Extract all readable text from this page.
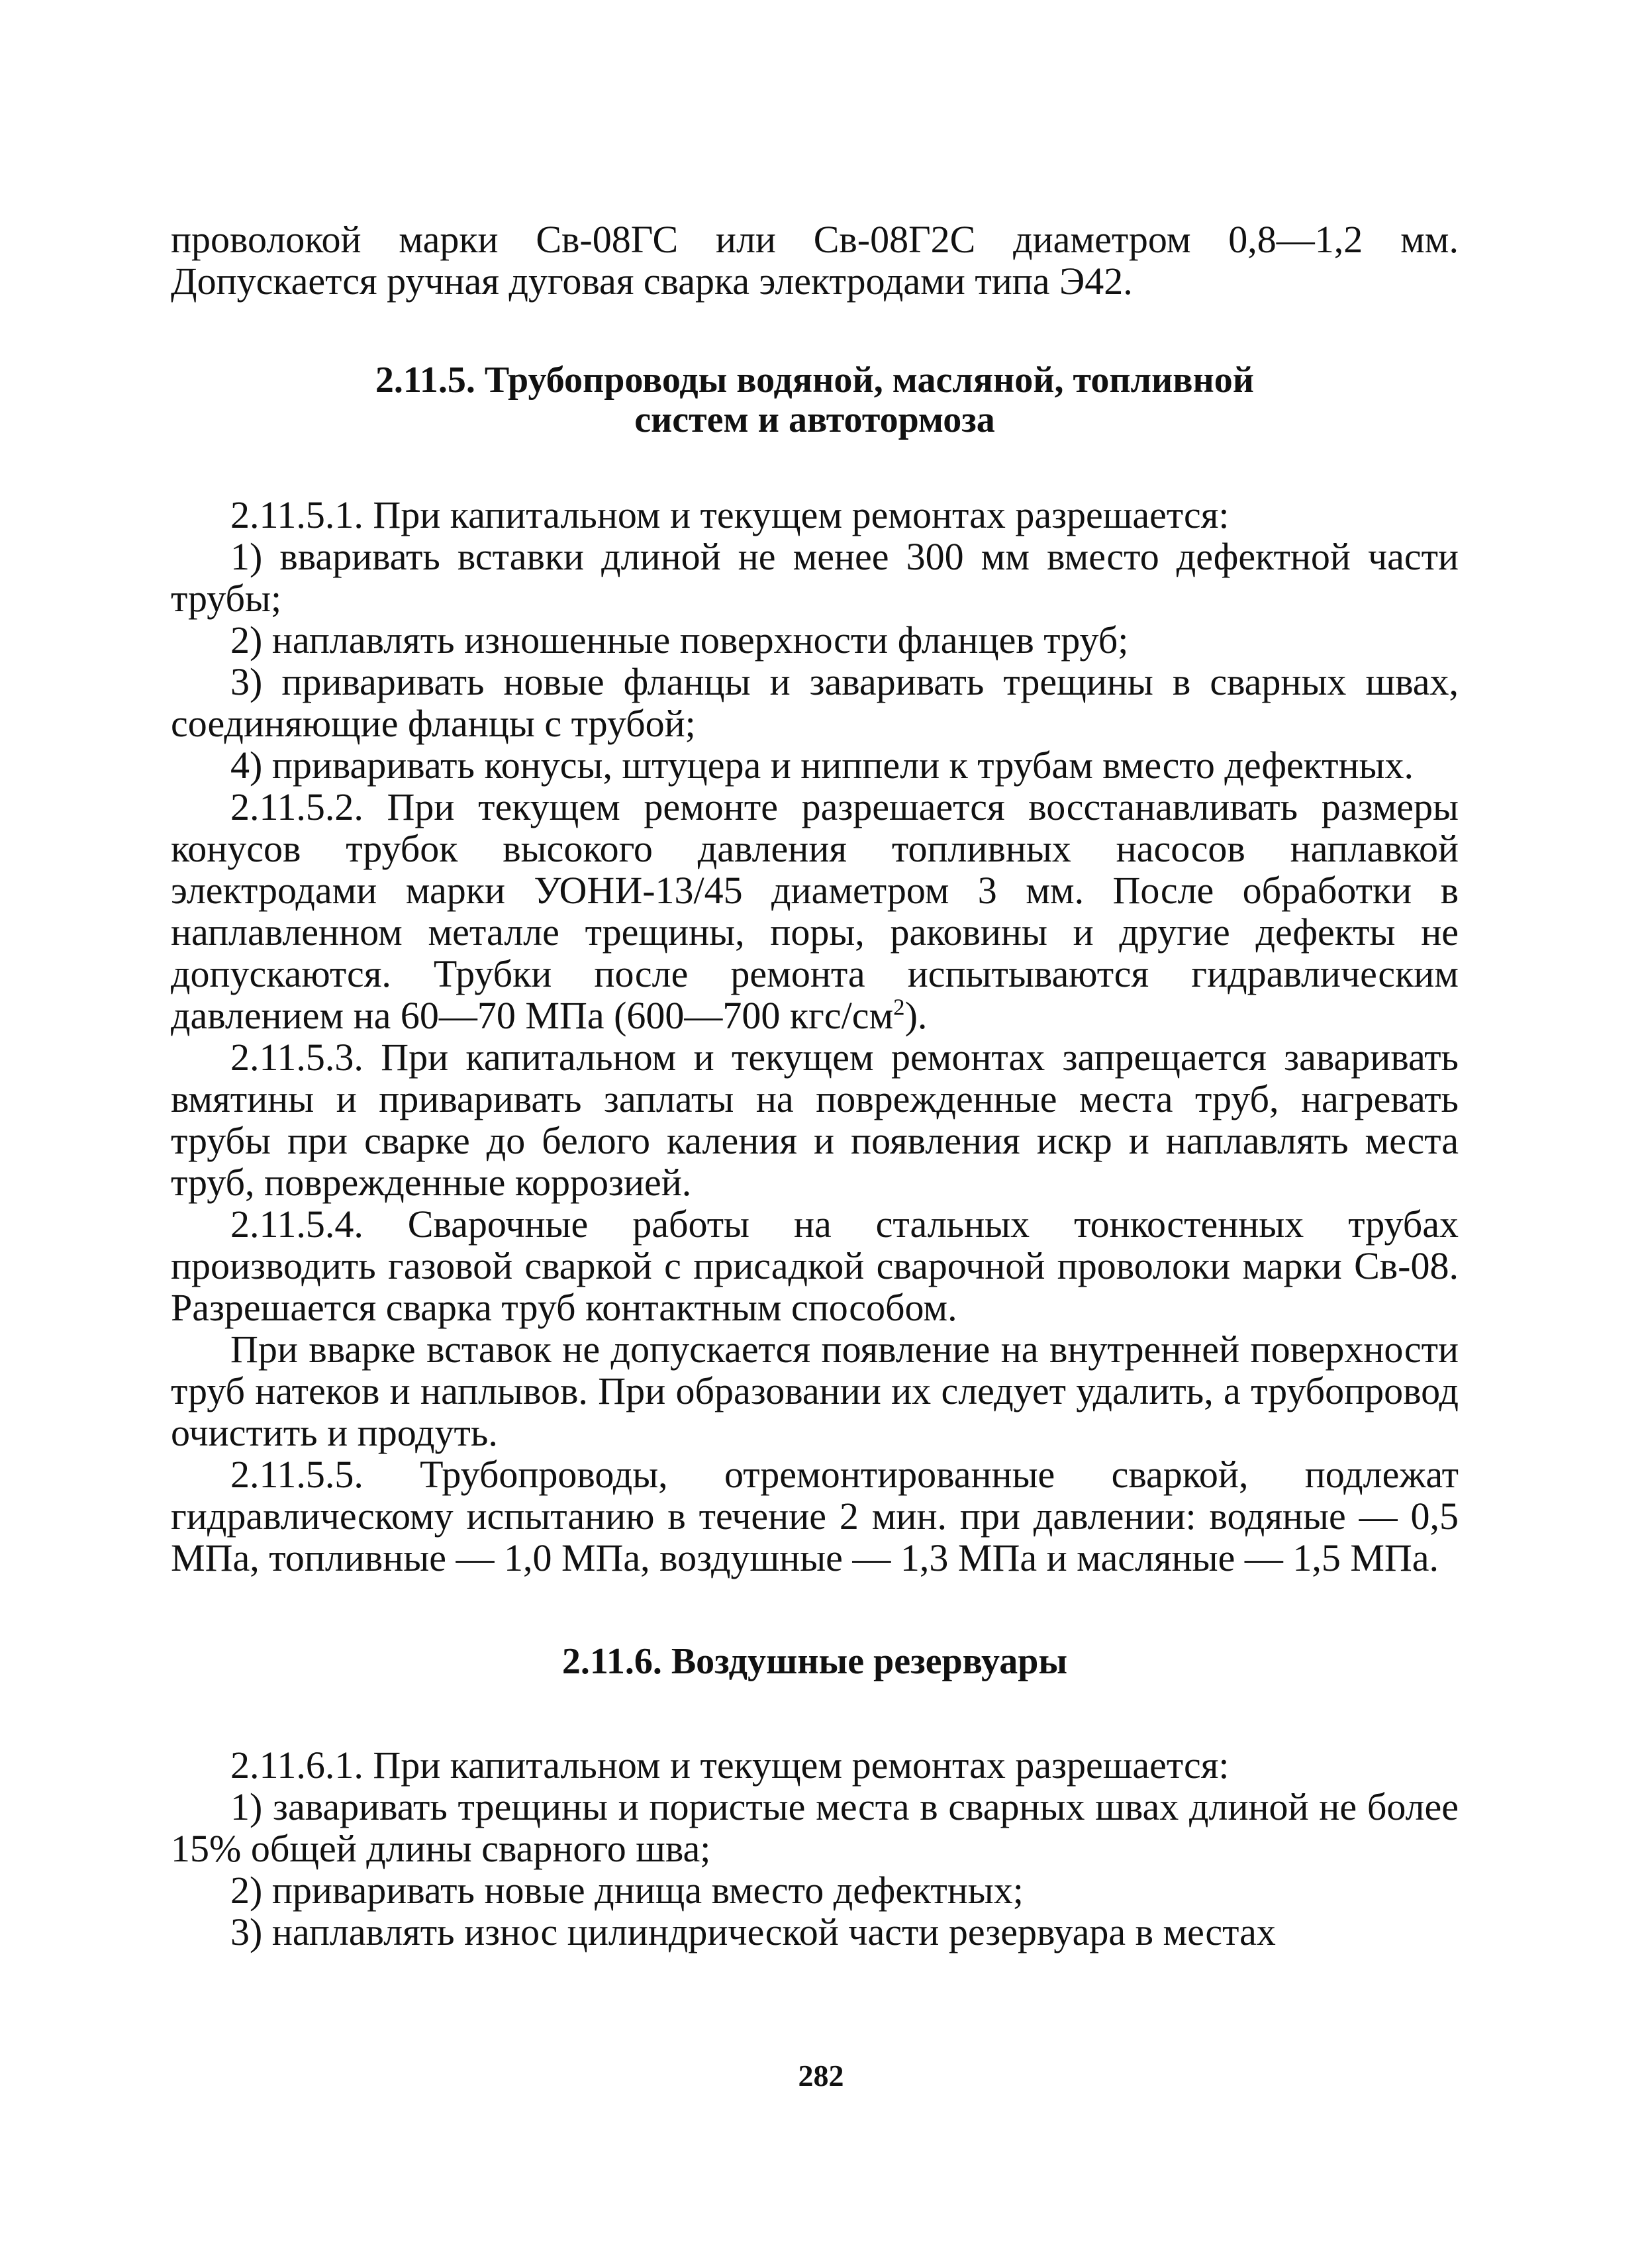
проволокой марки Св-08ГС или Св-08Г2С диаметром 0,8—1,2 мм. Допускается ручная дуговая сварка электродами типа Э42.

2.11.5. Трубопроводы водяной, масляной, топливной
систем и автотормоза

2.11.5.1. При капитальном и текущем ремонтах разрешается:

1) вваривать вставки длиной не менее 300 мм вместо дефектной части трубы;

2) наплавлять изношенные поверхности фланцев труб;

3) приваривать новые фланцы и заваривать трещины в сварных швах, соединяющие фланцы с трубой;

4) приваривать конусы, штуцера и ниппели к трубам вместо дефектных.

2.11.5.2. При текущем ремонте разрешается восстанавливать размеры конусов трубок высокого давления топливных насосов наплавкой электродами марки УОНИ-13/45 диаметром 3 мм. После обработки в наплавленном металле трещины, поры, раковины и другие дефекты не допускаются. Трубки после ремонта испытываются гидравлическим давлением на 60—70 МПа (600—700 кгс/$см^2$).

2.11.5.3. При капитальном и текущем ремонтах запрещается заваривать вмятины и приваривать заплаты на поврежденные места труб, нагревать трубы при сварке до белого каления и появления искр и наплавлять места труб, поврежденные коррозией.

2.11.5.4. Сварочные работы на стальных тонкостенных трубах производить газовой сваркой с присадкой сварочной проволоки марки Св-08. Разрешается сварка труб контактным способом.

При вварке вставок не допускается появление на внутренней поверхности труб натеков и наплывов. При образовании их следует удалить, а трубопровод очистить и продуть.

2.11.5.5. Трубопроводы, отремонтированные сваркой, подлежат гидравлическому испытанию в течение 2 мин. при давлении: водяные — 0,5 МПа, топливные — 1,0 МПа, воздушные — 1,3 МПа и масляные — 1,5 МПа.

2.11.6. Воздушные резервуары

2.11.6.1. При капитальном и текущем ремонтах разрешается:

1) заваривать трещины и пористые места в сварных швах длиной не более 15% общей длины сварного шва;

2) приваривать новые днища вместо дефектных;

3) наплавлять износ цилиндрической части резервуара в местах

282
